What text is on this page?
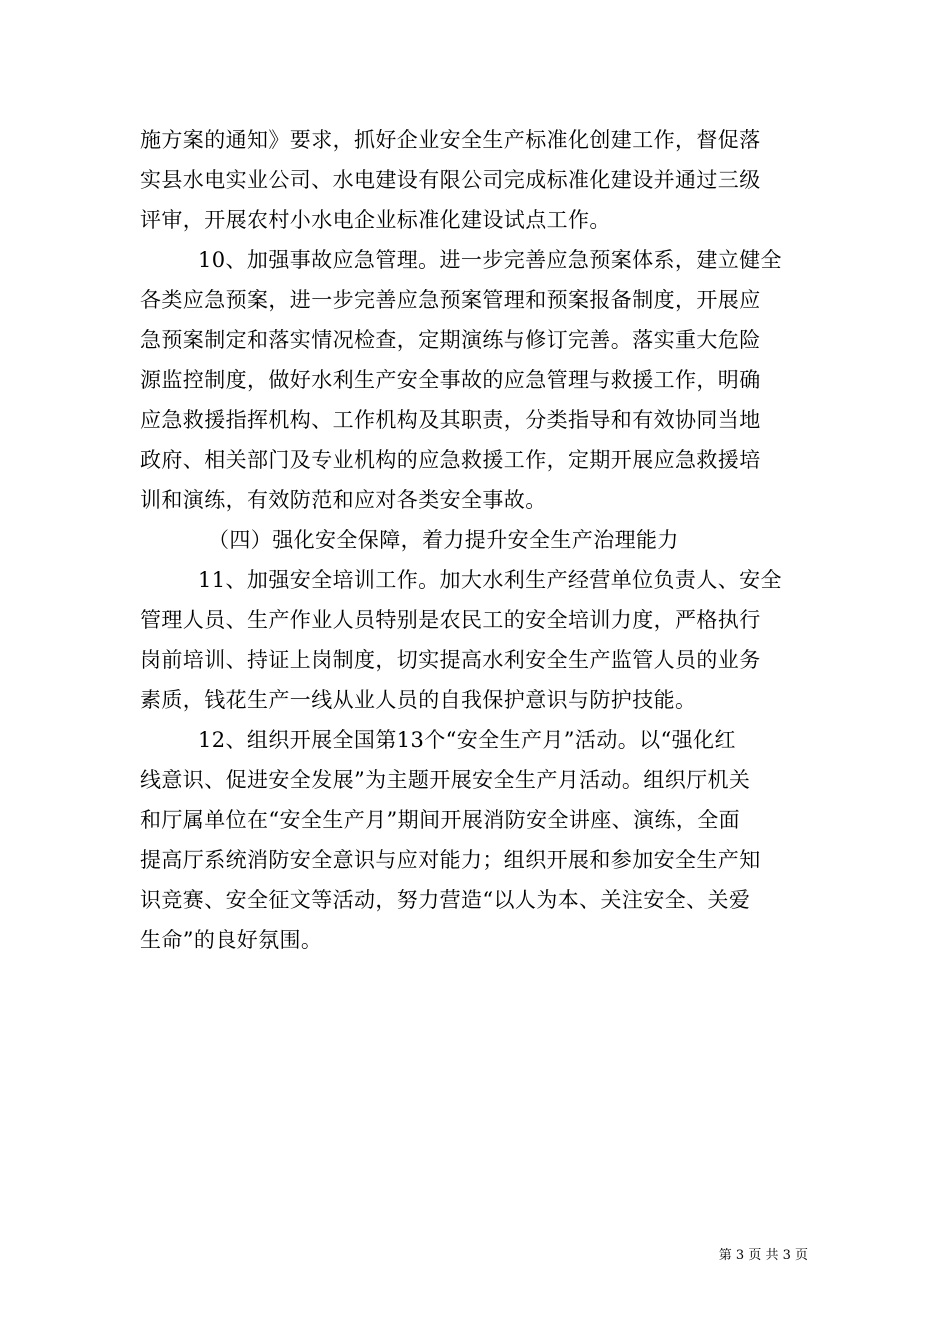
施方案的通知》要求，抓好企业安全生产标准化创建工作，督促落
实县水电实业公司、水电建设有限公司完成标准化建设并通过三级
评审，开展农村小水电企业标准化建设试点工作。
10、加强事故应急管理。进一步完善应急预案体系，建立健全
各类应急预案，进一步完善应急预案管理和预案报备制度，开展应
急预案制定和落实情况检查，定期演练与修订完善。落实重大危险
源监控制度，做好水利生产安全事故的应急管理与救援工作，明确
应急救援指挥机构、工作机构及其职责，分类指导和有效协同当地
政府、相关部门及专业机构的应急救援工作，定期开展应急救援培
训和演练，有效防范和应对各类安全事故。
（四）强化安全保障，着力提升安全生产治理能力
11、加强安全培训工作。加大水利生产经营单位负责人、安全
管理人员、生产作业人员特别是农民工的安全培训力度，严格执行
岗前培训、持证上岗制度，切实提高水利安全生产监管人员的业务
素质，钱花生产一线从业人员的自我保护意识与防护技能。
12、组织开展全国第13个“安全生产月”活动。以“强化红
线意识、促进安全发展”为主题开展安全生产月活动。组织厅机关
和厅属单位在“安全生产月”期间开展消防安全讲座、演练，全面
提高厅系统消防安全意识与应对能力；组织开展和参加安全生产知
识竞赛、安全征文等活动，努力营造“以人为本、关注安全、关爱
生命”的良好氛围。
第 3 页 共 3 页
